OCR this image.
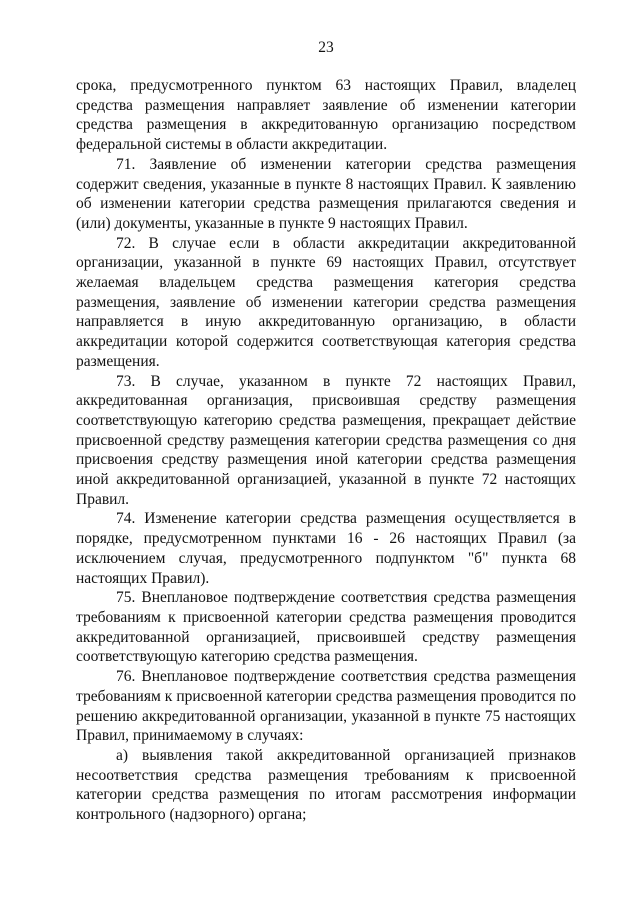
23

срока, предусмотренного пунктом 63 настоящих Правил, владелец средства размещения направляет заявление об изменении категории средства размещения в аккредитованную организацию посредством федеральной системы в области аккредитации.

71. Заявление об изменении категории средства размещения содержит сведения, указанные в пункте 8 настоящих Правил. К заявлению об изменении категории средства размещения прилагаются сведения и (или) документы, указанные в пункте 9 настоящих Правил.

72. В случае если в области аккредитации аккредитованной организации, указанной в пункте 69 настоящих Правил, отсутствует желаемая владельцем средства размещения категория средства размещения, заявление об изменении категории средства размещения направляется в иную аккредитованную организацию, в области аккредитации которой содержится соответствующая категория средства размещения.

73. В случае, указанном в пункте 72 настоящих Правил, аккредитованная организация, присвоившая средству размещения соответствующую категорию средства размещения, прекращает действие присвоенной средству размещения категории средства размещения со дня присвоения средству размещения иной категории средства размещения иной аккредитованной организацией, указанной в пункте 72 настоящих Правил.

74. Изменение категории средства размещения осуществляется в порядке, предусмотренном пунктами 16 - 26 настоящих Правил (за исключением случая, предусмотренного подпунктом "б" пункта 68 настоящих Правил).

75. Внеплановое подтверждение соответствия средства размещения требованиям к присвоенной категории средства размещения проводится аккредитованной организацией, присвоившей средству размещения соответствующую категорию средства размещения.

76. Внеплановое подтверждение соответствия средства размещения требованиям к присвоенной категории средства размещения проводится по решению аккредитованной организации, указанной в пункте 75 настоящих Правил, принимаемому в случаях:

а) выявления такой аккредитованной организацией признаков несоответствия средства размещения требованиям к присвоенной категории средства размещения по итогам рассмотрения информации контрольного (надзорного) органа;
